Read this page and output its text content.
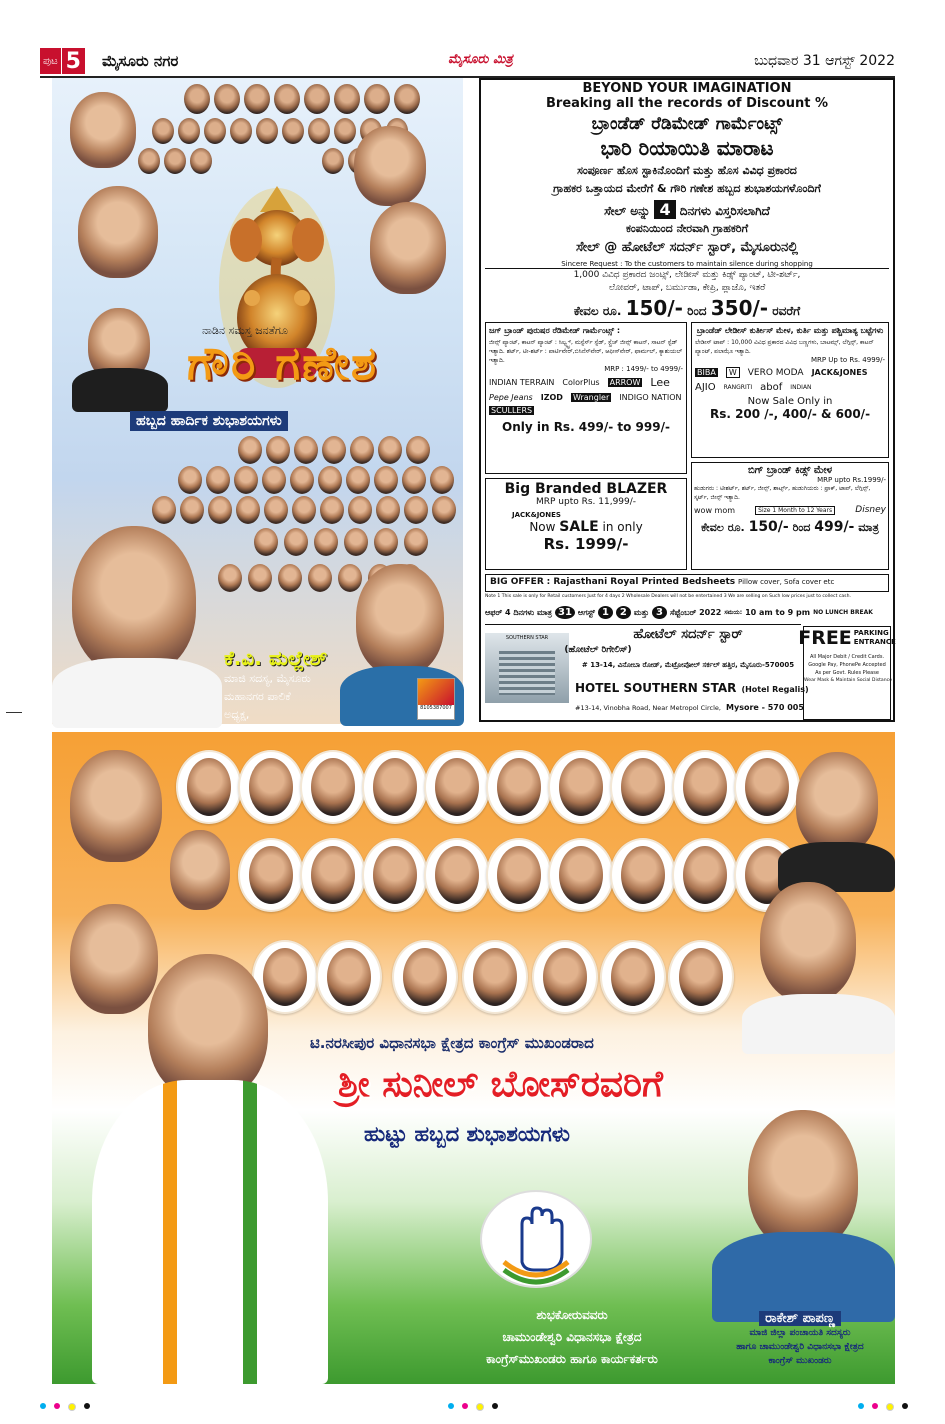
ಪುಟ 5 ಮೈಸೂರು ನಗರ	ಮೈಸೂರು ಮಿತ್ರ	ಬುಧವಾರ 31 ಆಗಸ್ಟ್ 2022
ನಾಡಿನ ಸಮಸ್ತ ಜನತೆಗೂ
ಗೌರಿ ಗಣೇಶ
ಹಬ್ಬದ ಹಾರ್ದಿಕ ಶುಭಾಶಯಗಳು
ಕೆ.ವಿ. ಮಲ್ಲೇಶ್
ಮಾಜಿ ಸದಸ್ಯ, ಮೈಸೂರು
ಮಹಾನಗರ ಪಾಲಿಕೆ
ಅಧ್ಯಕ್ಷ,	8105387007
BEYOND YOUR IMAGINATION
Breaking all the records of Discount %
ಬ್ರಾಂಡೆಡ್ ರೆಡಿಮೇಡ್ ಗಾರ್ಮೆಂಟ್ಸ್
ಭಾರಿ ರಿಯಾಯಿತಿ ಮಾರಾಟ
ಸಂಪೂರ್ಣ ಹೊಸ ಸ್ಟಾಕಿನೊಂದಿಗೆ ಮತ್ತು ಹೊಸ ವಿವಿಧ ಪ್ರಕಾರದ
ಗ್ರಾಹಕರ ಒತ್ತಾಯದ ಮೇರೆಗೆ & ಗೌರಿ ಗಣೇಶ ಹಬ್ಬದ ಶುಭಾಶಯಗಳೊಂದಿಗೆ
ಸೇಲ್ ಅನ್ನು 4 ದಿನಗಳು ವಿಸ್ತರಿಸಲಾಗಿದೆ
ಕಂಪನಿಯಿಂದ ನೇರವಾಗಿ ಗ್ರಾಹಕರಿಗೆ
ಸೇಲ್ @ ಹೋಟೆಲ್ ಸದರ್ನ್ ಸ್ಟಾರ್, ಮೈಸೂರುನಲ್ಲಿ
Sincere Request : To the customers to maintain silence during shopping
1,000 ವಿವಿಧ ಪ್ರಕಾರದ ಜಂಟ್ಸ್, ಲೇಡೀಸ್ ಮತ್ತು ಕಿಡ್ಸ್ ಪ್ಯಾಂಟ್, ಟೀ-ಶರ್ಟ್,
ಲೋವರ್, ಟಾಪ್, ಬರ್ಮುಡಾ, ಕೇಪ್ರಿ, ಪ್ಲಾಜೊ, ಇತರೆ
ಕೇವಲ ರೂ. 150/- ರಿಂದ 350/- ರವರೆಗೆ
ಜಗ್ ಬ್ರಾಂಡ್ ಪುರುಷರ ರೆಡಿಮೇಡ್ ಗಾರ್ಮೆಂಟ್ಸ್ :
ಜೀನ್ಸ್ ಪ್ಯಾಂಟ್, ಕಾಟನ್ ಪ್ಯಾಂಟ್ : ಸಿಲ್ವ್ಸ್ಟ್ರ್, ಮಸ್ಟೆರ್ಸ್ ಸ್ಟೆಡ್, ಸ್ಟ್ರೆಚ್ ಜೀನ್ಸ್ ಕಾಟನ್, ಸಾಟನ್ ಸ್ಟೆಡ್ ಇತ್ಯಾದಿ. ಶರ್ಟ್, ಟೀ-ಶರ್ಟ್ : ಪಾರ್ಟಿವೇರ್,ಬಿಸಿನೆಸ್‌ವೇರ್, ಆಫೀಸ್‌ವೇರ್, ಫಾರ್ಮಲ್, ಕ್ಯಾಶುಯಲ್ ಇತ್ಯಾದಿ.
MRP : 1499/- to 4999/-
INDIAN TERRAIN ColorPlus ARROW Lee
Pepe Jeans IZOD Wrangler INDIGO NATION
SCULLERS
Only in Rs. 499/- to 999/-
ಬ್ರಾಂಡೆಡ್ ಲೇಡೀಸ್ ಕುರ್ತೀಸ್ ಮೇಳ, ಕುರ್ತಿ ಮತ್ತು ಪಶ್ಚಿಮಾತ್ಯ ಬಟ್ಟೆಗಳು
ಲೇಡೀಸ್ ಟಾಪ್ : 10,000 ವಿವಿಧ ಪ್ರಕಾರದ ವಿವಿಧ ಬಣ್ಣಗಳು, ಬಾಟಮ್ಸ್, ಲೆಗ್ಗಿನ್ಸ್, ಕಾಟನ್ ಪ್ಯಾಂಟ್, ಪಲಾಝೊ ಇತ್ಯಾದಿ.
MRP Up to Rs. 4999/-
BIBA	W	VERO MODA JACK&JONES
AJIO RANGRITI abof INDIAN
Now Sale Only in
Rs. 200 /-, 400/- & 600/-
Big Branded BLAZER
MRP upto Rs. 11,999/-
JACK&JONES
Now SALE in only
Rs. 1999/-
ಬಿಗ್ ಬ್ರಾಂಡ್ ಕಿಡ್ಸ್ ಮೇಳ
MRP upto Rs.1999/-
ಹುಡುಗರು : ಟೀಶರ್ಟ್, ಶರ್ಟ್, ಜೀನ್ಸ್, ಶಾರ್ಟ್ಸ್, ಹುಡುಗಿಯರು : ಫ್ರಾಕ್, ಟಾಪ್, ಲೆಗ್ಗಿನ್ಸ್, ಸ್ಕರ್ಟ್, ಜೀನ್ಸ್ ಇತ್ಯಾದಿ.
wow mom	Size 1 Month to 12 Years	Disney
ಕೇವಲ ರೂ. 150/- ರಿಂದ 499/- ಮಾತ್ರ
BIG OFFER : Rajasthani Royal Printed Bedsheets Pillow cover, Sofa cover etc
Note 1 This sale is only for Retail customers Just for 4 days 2 Wholesale Dealers will not be entertained 3 We are selling on Such low prices just to collect cash.
ಆಫರ್ 4 ದಿನಗಳು ಮಾತ್ರ 31 ಆಗಸ್ಟ್ 1	2 ಮತ್ತು 3 ಸೆಪ್ಟೆಂಬರ್ 2022 ಸಮಯ: 10 am to 9 pm NO LUNCH BREAK
SOUTHERN STAR	ಹೋಟೆಲ್ ಸದರ್ನ್ ಸ್ಟಾರ್
(ಹೋಟೆಲ್ ರಿಗೇಲಿಸ್)
# 13-14, ವಿನೋಬಾ ರೋಡ್, ಮೆಟ್ರೋಪೋಲ್ ಸರ್ಕಲ್ ಹತ್ತಿರ, ಮೈಸೂರು-570005
HOTEL SOUTHERN STAR (Hotel Regalis)
#13-14, Vinobha Road, Near Metropol Circle, Mysore - 570 005
FREE PARKING
ENTRANCE
All Major Debit / Credit Cards.
Google Pay, PhonePe Accepted
As per Govt. Rules Please
Wear Mask & Maintain Social Distance
ಟಿ.ನರಸೀಪುರ ವಿಧಾನಸಭಾ ಕ್ಷೇತ್ರದ ಕಾಂಗ್ರೆಸ್ ಮುಖಂಡರಾದ
ಶ್ರೀ ಸುನೀಲ್ ಬೋಸ್‌ರವರಿಗೆ
ಹುಟ್ಟು ಹಬ್ಬದ ಶುಭಾಶಯಗಳು
ಶುಭಕೋರುವವರು
ಚಾಮುಂಡೇಶ್ವರಿ ವಿಧಾನಸಭಾ ಕ್ಷೇತ್ರದ
ಕಾಂಗ್ರೆಸ್‌ಮುಖಂಡರು ಹಾಗೂ ಕಾರ್ಯಕರ್ತರು
ರಾಕೇಶ್ ಪಾಪಣ್ಣ
ಮಾಜಿ ಜಿಲ್ಲಾ ಪಂಚಾಯತಿ ಸದಸ್ಯರು
ಹಾಗೂ ಚಾಮುಂಡೇಶ್ವರಿ ವಿಧಾನಸಭಾ ಕ್ಷೇತ್ರದ
ಕಾಂಗ್ರೆಸ್ ಮುಖಂಡರು
